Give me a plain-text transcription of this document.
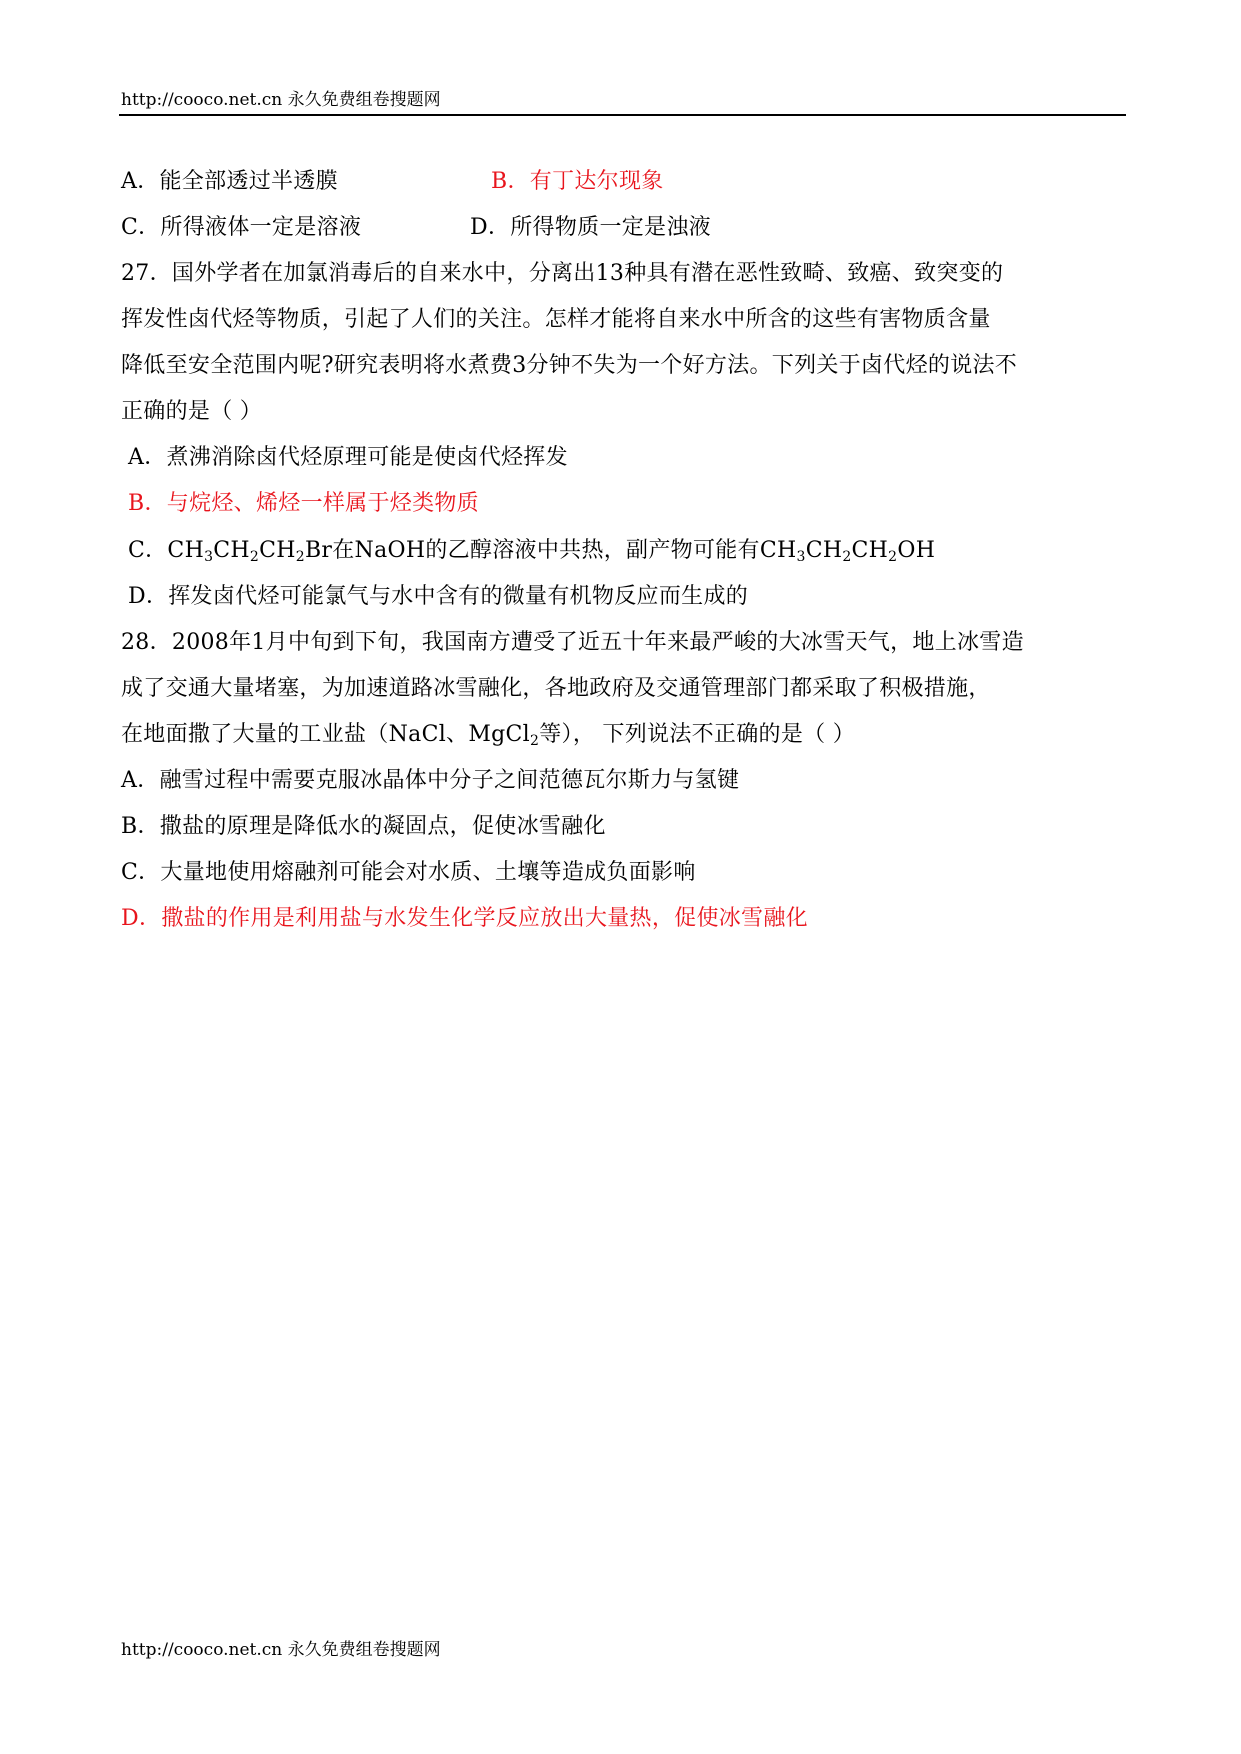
http://cooco.net.cn 永久免费组卷搜题网
A．能全部透过半透膜	B．有丁达尔现象
C．所得液体一定是溶液	D．所得物质一定是浊液
27．国外学者在加氯消毒后的自来水中，分离出13种具有潜在恶性致畸、致癌、致突变的
挥发性卤代烃等物质，引起了人们的关注。怎样才能将自来水中所含的这些有害物质含量
降低至安全范围内呢?研究表明将水煮费3分钟不失为一个好方法。下列关于卤代烃的说法不
正确的是（ ）
A．煮沸消除卤代烃原理可能是使卤代烃挥发
B．与烷烃、烯烃一样属于烃类物质
C．$CH_3CH_2CH_2Br$在NaOH的乙醇溶液中共热，副产物可能有$CH_3CH_2CH_2OH$
D．挥发卤代烃可能氯气与水中含有的微量有机物反应而生成的
28．2008年1月中旬到下旬，我国南方遭受了近五十年来最严峻的大冰雪天气，地上冰雪造
成了交通大量堵塞，为加速道路冰雪融化，各地政府及交通管理部门都采取了积极措施，
在地面撒了大量的工业盐（NaCl、MgCl$_2$等）， 下列说法不正确的是（ ）
A．融雪过程中需要克服冰晶体中分子之间范德瓦尔斯力与氢键
B．撒盐的原理是降低水的凝固点，促使冰雪融化
C．大量地使用熔融剂可能会对水质、土壤等造成负面影响
D．撒盐的作用是利用盐与水发生化学反应放出大量热，促使冰雪融化
http://cooco.net.cn 永久免费组卷搜题网
